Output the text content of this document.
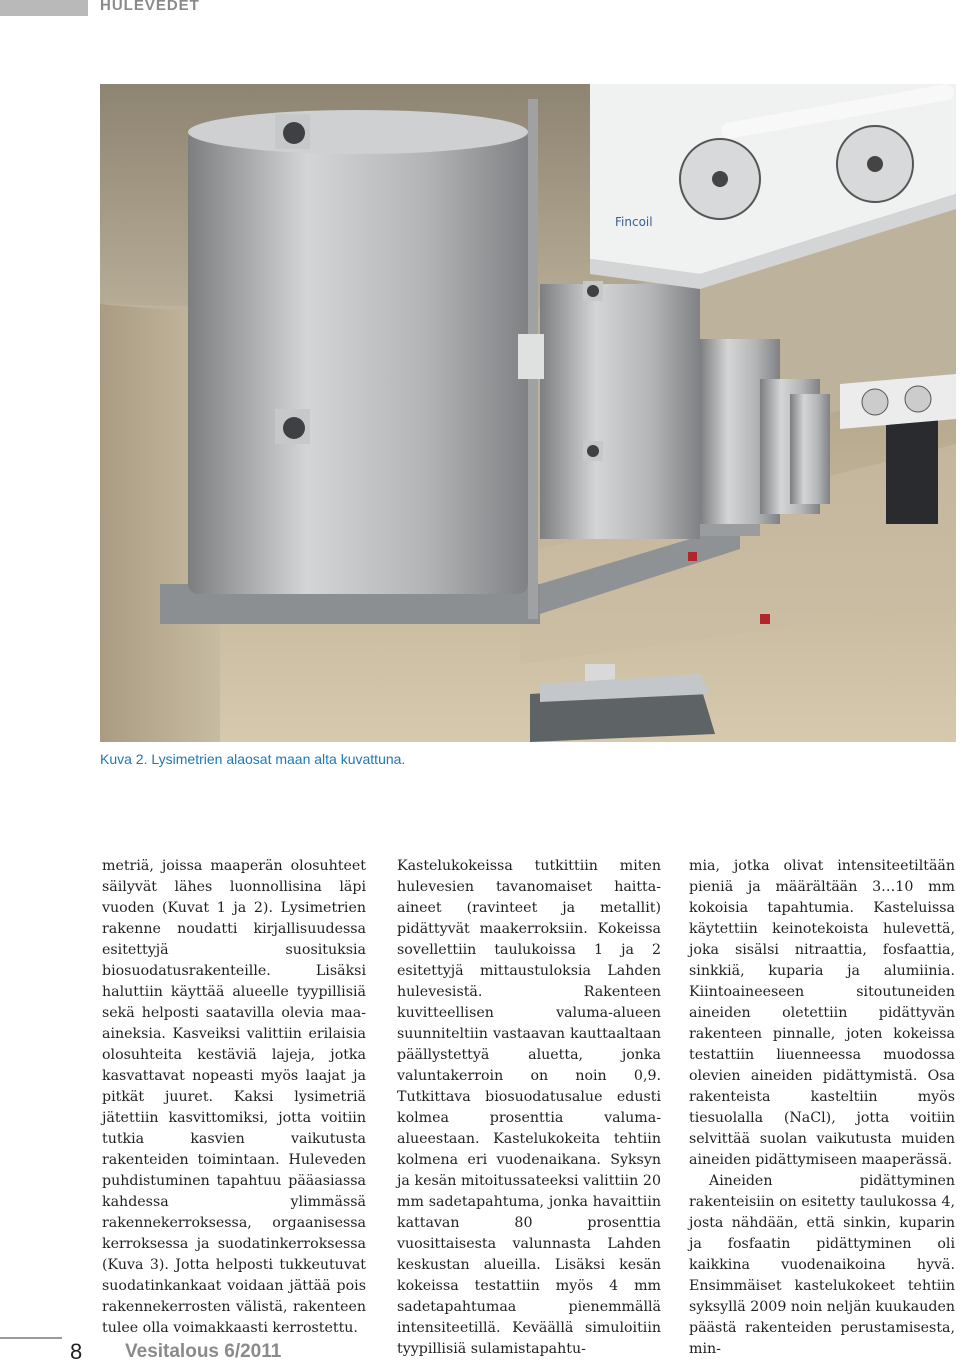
HULEVEDET
Fincoil
Kuva 2. Lysimetrien alaosat maan alta kuvattuna.

metriä, joissa maaperän olosuhteet säilyvät lähes luonnollisina läpi vuoden (Kuvat 1 ja 2). Lysimetrien rakenne noudatti kirjallisuudessa esitettyjä suosituksia biosuodatusrakenteille. Lisäksi haluttiin käyttää alueelle tyypillisiä sekä helposti saatavilla olevia maa-aineksia. Kasveiksi valittiin erilaisia olosuhteita kestäviä lajeja, jotka kasvattavat nopeasti myös laajat ja pitkät juuret. Kaksi lysimetriä jätettiin kasvittomiksi, jotta voitiin tutkia kasvien vaikutusta rakenteiden toimintaan. Huleveden puhdistuminen tapahtuu pääasiassa kahdessa ylimmässä rakennekerroksessa, orgaanisessa kerroksessa ja suodatinkerroksessa (Kuva 3). Jotta helposti tukkeutuvat suodatinkankaat voidaan jättää pois rakennekerrosten välistä, rakenteen tulee olla voimakkaasti kerrostettu.

Kastelukokeissa tutkittiin miten hulevesien tavanomaiset haitta-aineet (ravinteet ja metallit) pidättyvät maakerroksiin. Kokeissa sovellettiin taulukoissa 1 ja 2 esitettyjä mittaustuloksia Lahden hulevesistä. Rakenteen kuvitteellisen valuma-alueen suunniteltiin vastaavan kauttaaltaan päällystettyä aluetta, jonka valuntakerroin on noin 0,9. Tutkittava biosuodatusalue edusti kolmea prosenttia valuma-alueestaan. Kastelukokeita tehtiin kolmena eri vuodenaikana. Syksyn ja kesän mitoitussateeksi valittiin 20 mm sadetapahtuma, jonka havaittiin kattavan 80 prosenttia vuosittaisesta valunnasta Lahden keskustan alueilla. Lisäksi kesän kokeissa testattiin myös 4 mm sadetapahtumaa pienemmällä intensiteetillä. Keväällä simuloitiin tyypillisiä sulamistapahtu-

mia, jotka olivat intensiteetiltään pieniä ja määrältään 3…10 mm kokoisia tapahtumia. Kasteluissa käytettiin keinotekoista hulevettä, joka sisälsi nitraattia, fosfaattia, sinkkiä, kuparia ja alumiinia. Kiintoaineeseen sitoutuneiden aineiden oletettiin pidättyvän rakenteen pinnalle, joten kokeissa testattiin liuenneessa muodossa olevien aineiden pidättymistä. Osa rakenteista kasteltiin myös tiesuolalla (NaCl), jotta voitiin selvittää suolan vaikutusta muiden aineiden pidättymiseen maaperässä.

Aineiden pidättyminen rakenteisiin on esitetty taulukossa 4, josta nähdään, että sinkin, kuparin ja fosfaatin pidättyminen oli kaikkina vuodenaikoina hyvä. Ensimmäiset kastelukokeet tehtiin syksyllä 2009 noin neljän kuukauden päästä rakenteiden perustamisesta, min-

8 Vesitalous 6/2011
